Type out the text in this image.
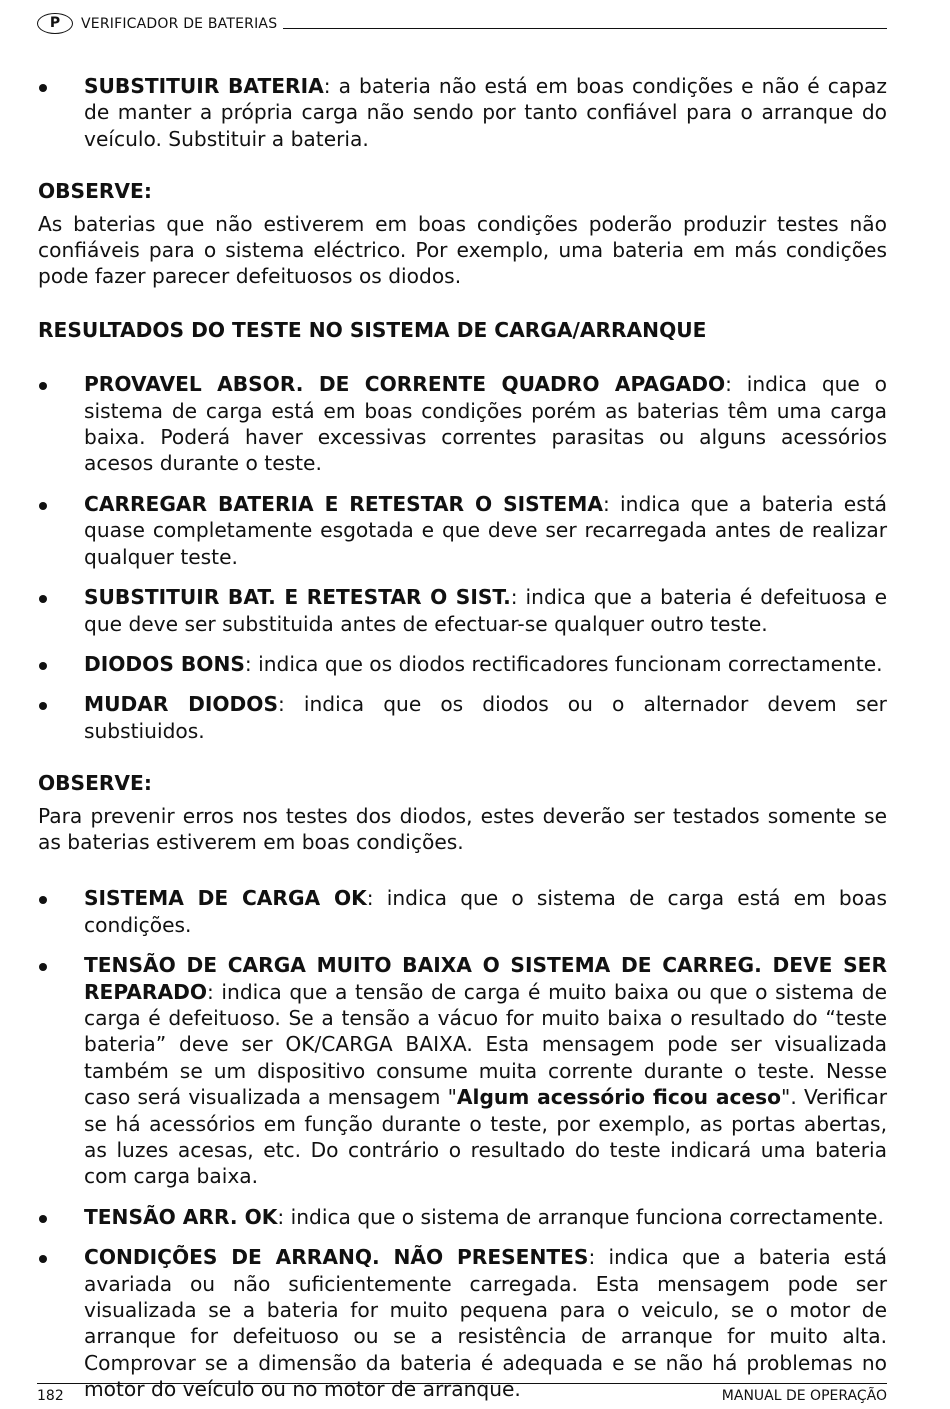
P	VERIFICADOR DE BATERIAS
SUBSTITUIR BATERIA: a bateria não está em boas condições e não é capaz de manter a própria carga não sendo por tanto confiável para o arranque do veículo. Substituir a bateria.
OBSERVE:

As baterias que não estiverem em boas condições poderão produzir testes não confiáveis para o sistema eléctrico. Por exemplo, uma bateria em más condições pode fazer parecer defeituosos os diodos.

RESULTADOS DO TESTE NO SISTEMA DE CARGA/ARRANQUE
PROVAVEL ABSOR. DE CORRENTE QUADRO APAGADO: indica que o sistema de carga está em boas condições porém as baterias têm uma carga baixa. Poderá haver excessivas correntes parasitas ou alguns acessórios acesos durante o teste.
CARREGAR BATERIA E RETESTAR O SISTEMA: indica que a bateria está quase completamente esgotada e que deve ser recarregada antes de realizar qualquer teste.
SUBSTITUIR BAT. E RETESTAR O SIST.: indica que a bateria é defeituosa e que deve ser substituida antes de efectuar-se qualquer outro teste.
DIODOS BONS: indica que os diodos rectificadores funcionam correctamente.
MUDAR DIODOS: indica que os diodos ou o alternador devem ser substiuidos.
OBSERVE:

Para prevenir erros nos testes dos diodos, estes deverão ser testados somente se as baterias estiverem em boas condições.

SISTEMA DE CARGA OK: indica que o sistema de carga está em boas condições.
TENSÃO DE CARGA MUITO BAIXA O SISTEMA DE CARREG. DEVE SER REPARADO: indica que a tensão de carga é muito baixa ou que o sistema de carga é defeituoso. Se a tensão a vácuo for muito baixa o resultado do “teste bateria” deve ser OK/CARGA BAIXA. Esta mensagem pode ser visualizada também se um dispositivo consume muita corrente durante o teste. Nesse caso será visualizada a mensagem "Algum acessório ficou aceso". Verificar se há acessórios em função durante o teste, por exemplo, as portas abertas, as luzes acesas, etc. Do contrário o resultado do teste indicará uma bateria com carga baixa.
TENSÃO ARR. OK: indica que o sistema de arranque funciona correctamente.
CONDIÇÕES DE ARRANQ. NÃO PRESENTES: indica que a bateria está avariada ou não suficientemente carregada. Esta mensagem pode ser visualizada se a bateria for muito pequena para o veiculo, se o motor de arranque for defeituoso ou se a resistência de arranque for muito alta. Comprovar se a dimensão da bateria é adequada e se não há problemas no motor do veículo ou no motor de arranque.
182	MANUAL DE OPERAÇÃO
